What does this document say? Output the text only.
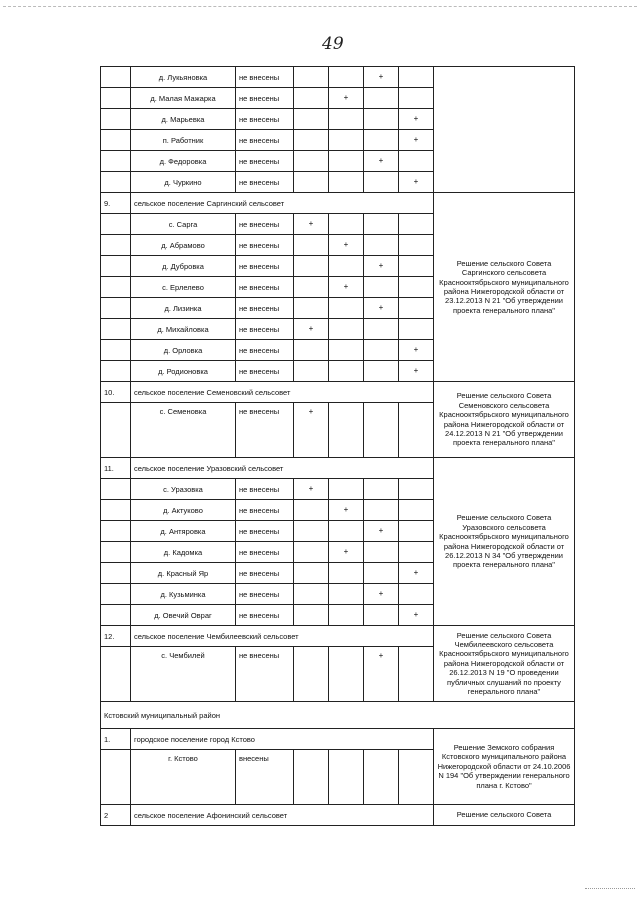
49
	д. Лукьяновка	не внесены			+		
	д. Малая Мажарка	не внесены		+			
	д. Марьевка	не внесены				+	
	п. Работник	не внесены				+	
	д. Федоровка	не внесены			+		
	д. Чуркино	не внесены				+	
9.	сельское поселение Саргинский сельсовет						Решение сельского Совета Саргинского сельсовета Краснооктябрьского муниципального района Нижегородской области от 23.12.2013 N 21 "Об утверждении проекта генерального плана"
	с. Сарга	не внесены	+				
	д. Абрамово	не внесены		+			
	д. Дубровка	не внесены			+		
	с. Ерлелево	не внесены		+			
	д. Лизинка	не внесены			+		
	д. Михайловка	не внесены	+				
	д. Орловка	не внесены				+	
	д. Родионовка	не внесены				+	
10.	сельское поселение Семеновский сельсовет						Решение сельского Совета Семеновского сельсовета Краснооктябрьского муниципального района Нижегородской области от 24.12.2013 N 21 "Об утверждении проекта генерального плана"
	с. Семеновка	не внесены	+				
11.	сельское поселение Уразовский сельсовет						Решение сельского Совета Уразовского сельсовета Краснооктябрьского муниципального района Нижегородской области от 26.12.2013 N 34 "Об утверждении проекта генерального плана"
	с. Уразовка	не внесены	+				
	д. Актуково	не внесены		+			
	д. Антяровка	не внесены			+		
	д. Кадомка	не внесены		+			
	д. Красный Яр	не внесены				+	
	д. Кузьминка	не внесены			+		
	д. Овечий Овраг	не внесены				+	
12.	сельское поселение Чембилеевский сельсовет						Решение сельского Совета Чембилеевского сельсовета Краснооктябрьского муниципального района Нижегородской области от 26.12.2013 N 19 "О проведении публичных слушаний по проекту генерального плана"
	с. Чембилей	не внесены			+		
Кстовский муниципальный район							
1.	городское поселение город Кстово						Решение Земского собрания Кстовского муниципального района Нижегородской области от 24.10.2006 N 194 "Об утверждении генерального плана г. Кстово"
	г. Кстово	внесены					
2	сельское поселение Афонинский сельсовет						Решение сельского Совета
